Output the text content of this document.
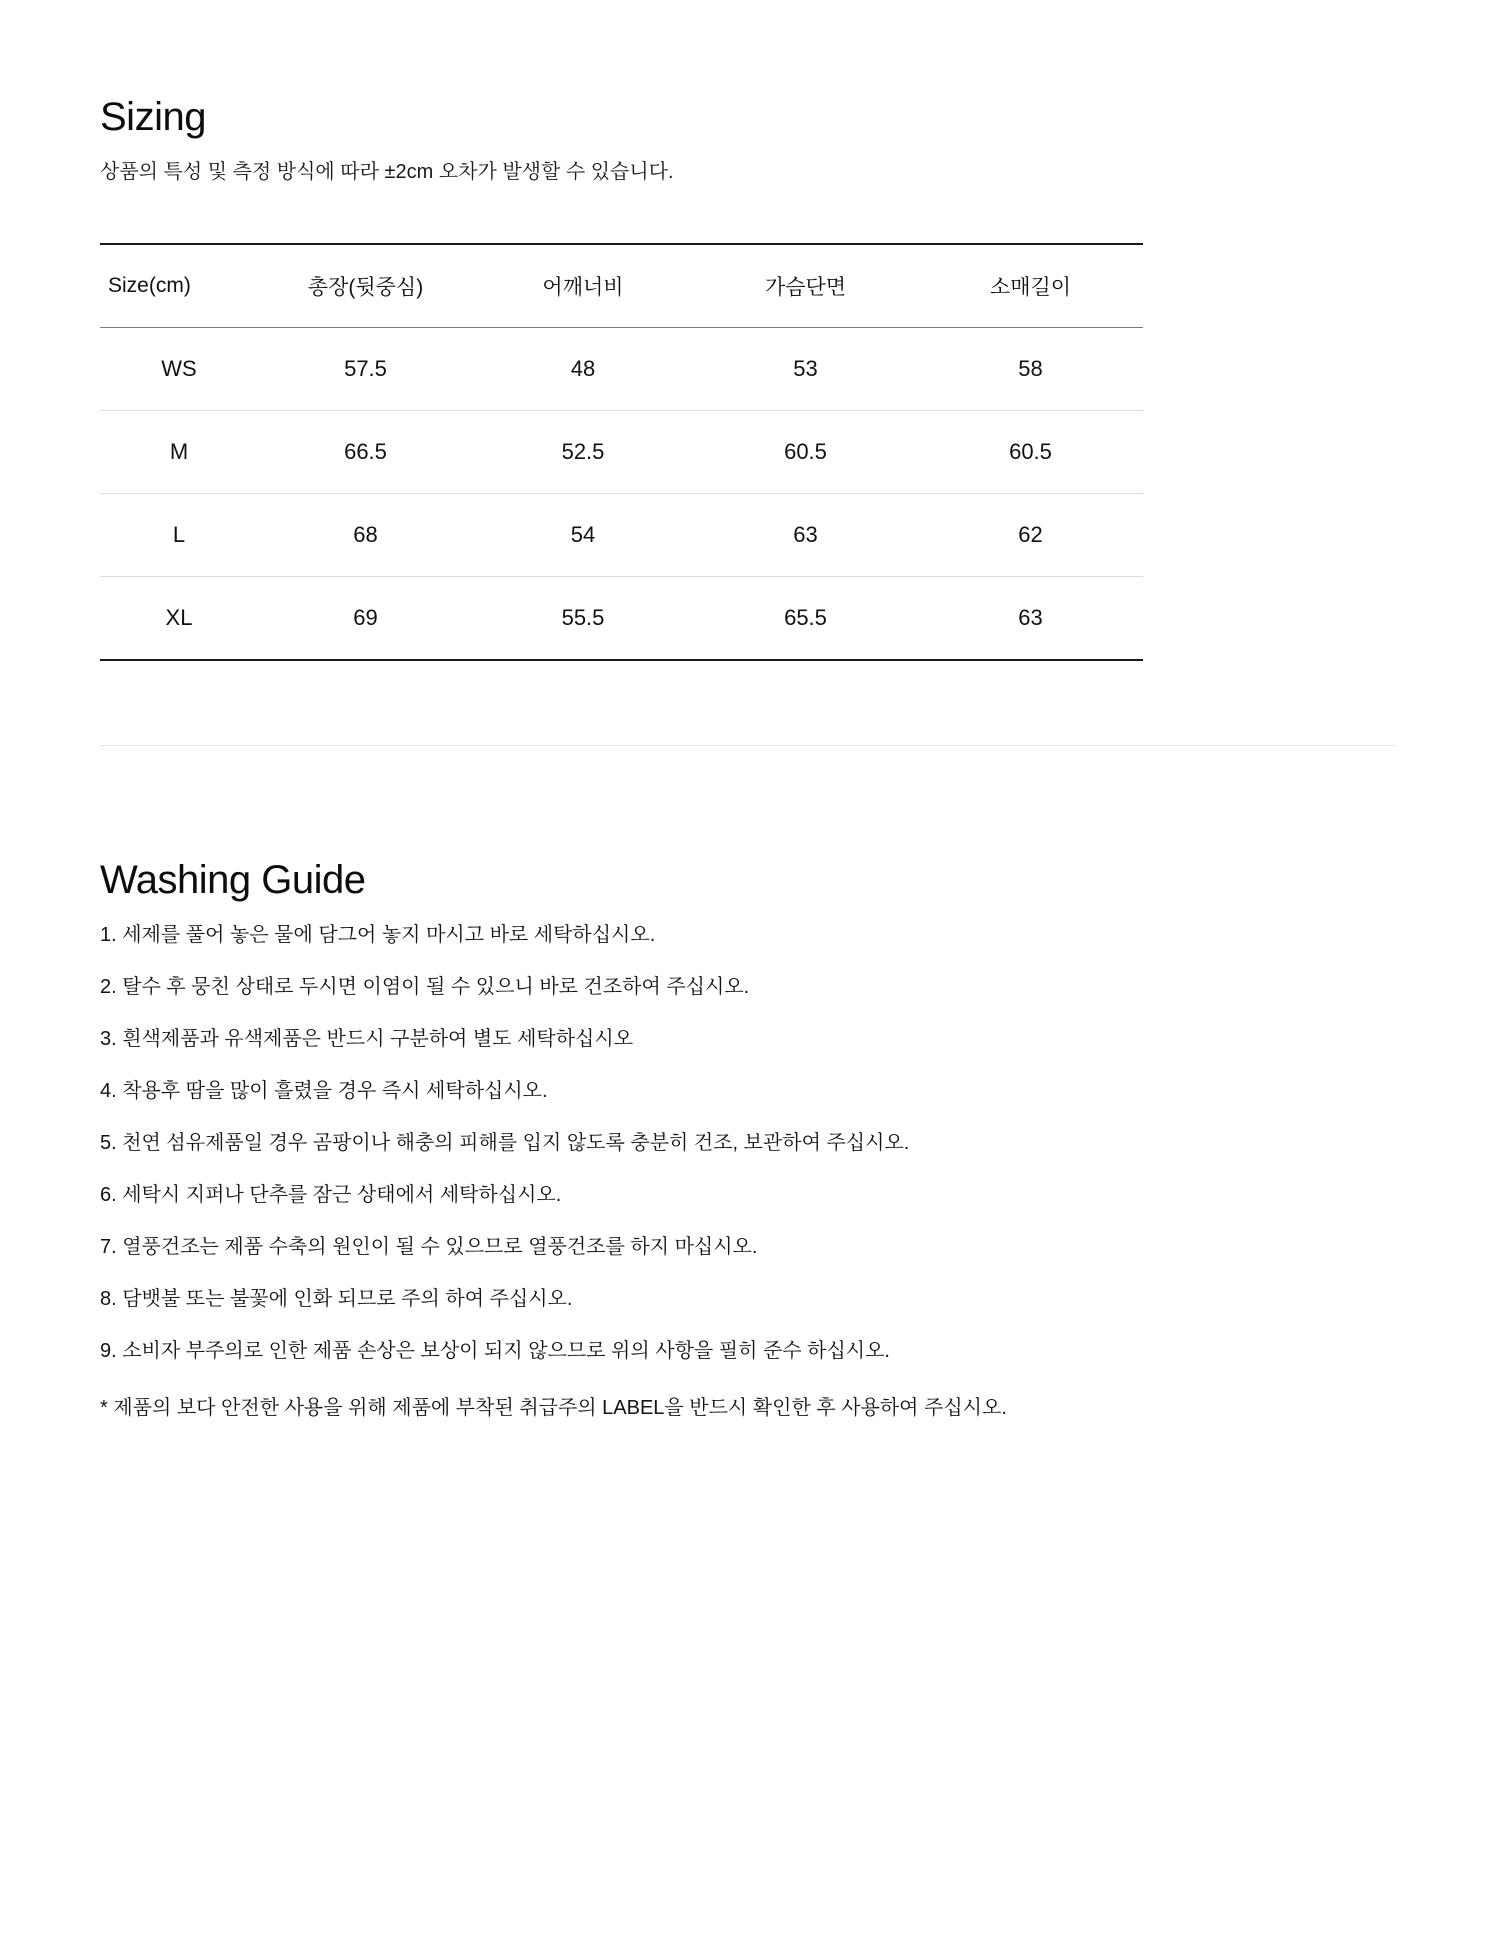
Sizing

상품의 특성 및 측정 방식에 따라 ±2cm 오차가 발생할 수 있습니다.

Size(cm)	총장(뒷중심)	어깨너비	가슴단면	소매길이
WS	57.5	48	53	58
M	66.5	52.5	60.5	60.5
L	68	54	63	62
XL	69	55.5	65.5	63
Washing Guide
1. 세제를 풀어 놓은 물에 담그어 놓지 마시고 바로 세탁하십시오.
2. 탈수 후 뭉친 상태로 두시면 이염이 될 수 있으니 바로 건조하여 주십시오.
3. 흰색제품과 유색제품은 반드시 구분하여 별도 세탁하십시오
4. 착용후 땀을 많이 흘렸을 경우 즉시 세탁하십시오.
5. 천연 섬유제품일 경우 곰팡이나 해충의 피해를 입지 않도록 충분히 건조, 보관하여 주십시오.
6. 세탁시 지퍼나 단추를 잠근 상태에서 세탁하십시오.
7. 열풍건조는 제품 수축의 원인이 될 수 있으므로 열풍건조를 하지 마십시오.
8. 담뱃불 또는 불꽃에 인화 되므로 주의 하여 주십시오.
9. 소비자 부주의로 인한 제품 손상은 보상이 되지 않으므로 위의 사항을 필히 준수 하십시오.

* 제품의 보다 안전한 사용을 위해 제품에 부착된 취급주의 LABEL을 반드시 확인한 후 사용하여 주십시오.
